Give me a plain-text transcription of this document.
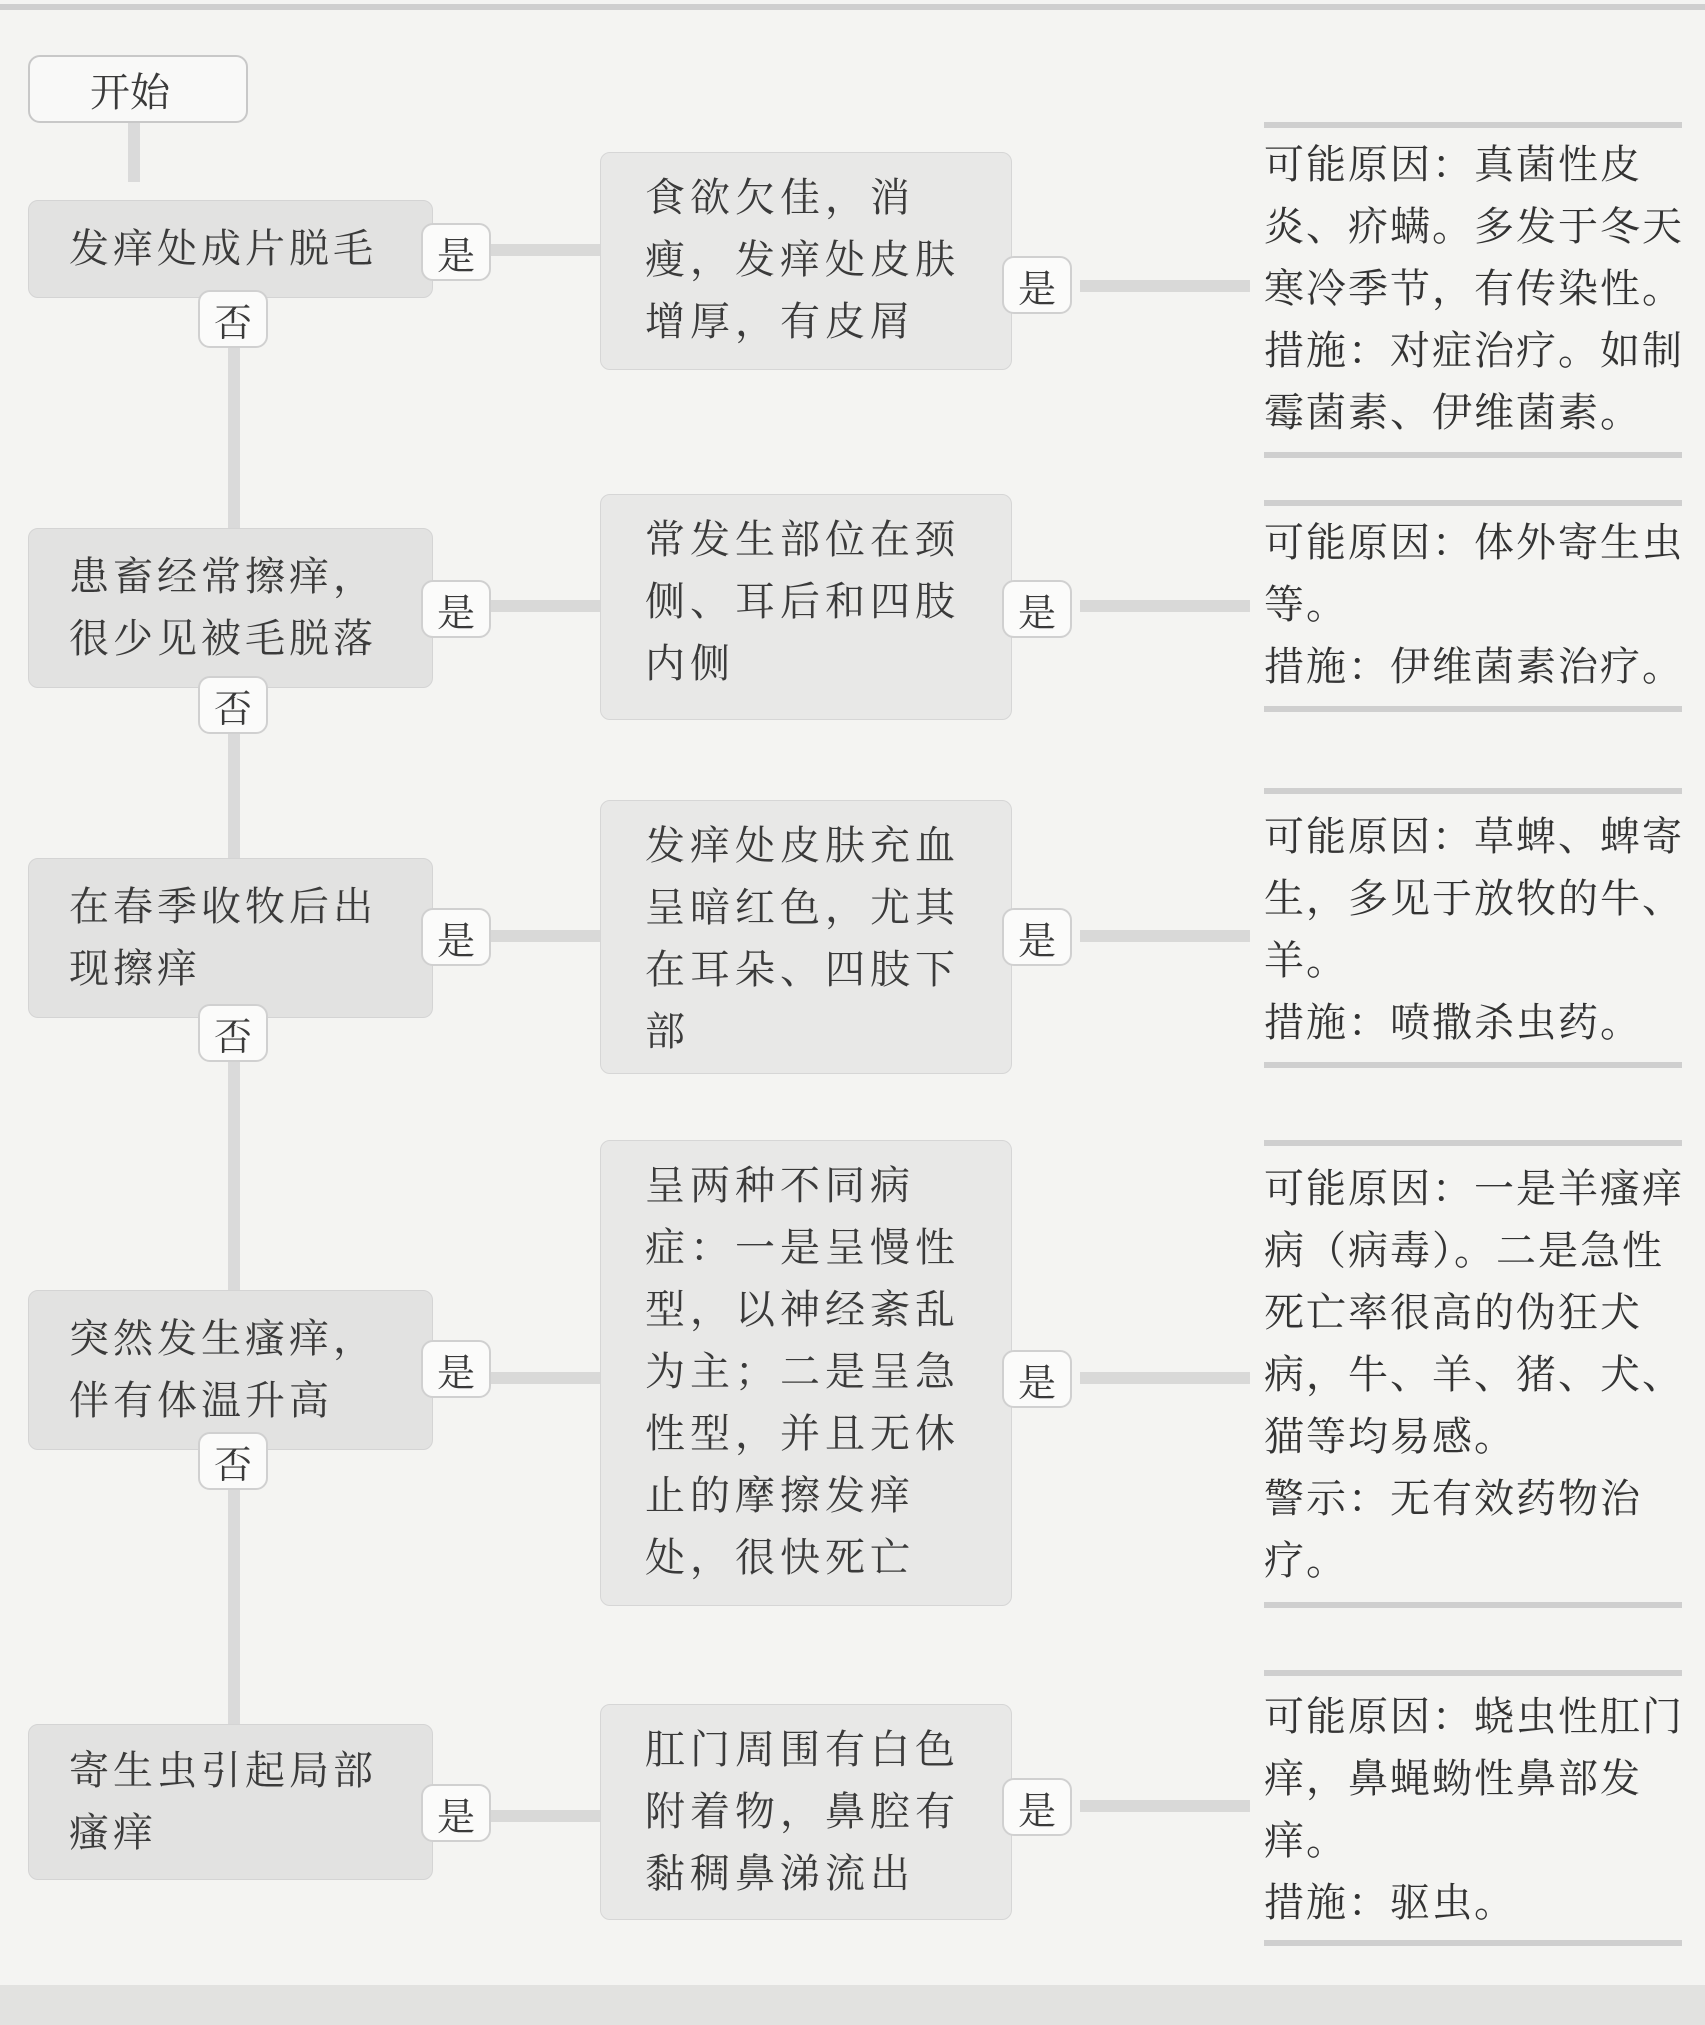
开始
发痒处成片脱毛	是
否
食欲欠佳，消瘦，发痒处皮肤增厚，有皮屑
是

可能原因：真菌性皮炎、疥螨。多发于冬天寒冷季节，有传染性。

措施：对症治疗。如制霉菌素、伊维菌素。

患畜经常擦痒，很少见被毛脱落
是
否
常发生部位在颈侧、耳后和四肢内侧
是

可能原因：体外寄生虫等。

措施：伊维菌素治疗。

在春季收牧后出现擦痒
是
否
发痒处皮肤充血呈暗红色，尤其在耳朵、四肢下部
是

可能原因：草蜱、蜱寄生，多见于放牧的牛、羊。

措施：喷撒杀虫药。

突然发生瘙痒，伴有体温升高
是
否
呈两种不同病症：一是呈慢性型，以神经紊乱为主；二是呈急性型，并且无休止的摩擦发痒处，很快死亡
是

可能原因：一是羊瘙痒病（病毒）。二是急性死亡率很高的伪狂犬病，牛、羊、猪、犬、猫等均易感。

警示：无有效药物治疗。

寄生虫引起局部瘙痒	是
肛门周围有白色附着物，鼻腔有黏稠鼻涕流出
是

可能原因：蛲虫性肛门痒，鼻蝇蚴性鼻部发痒。

措施：驱虫。
